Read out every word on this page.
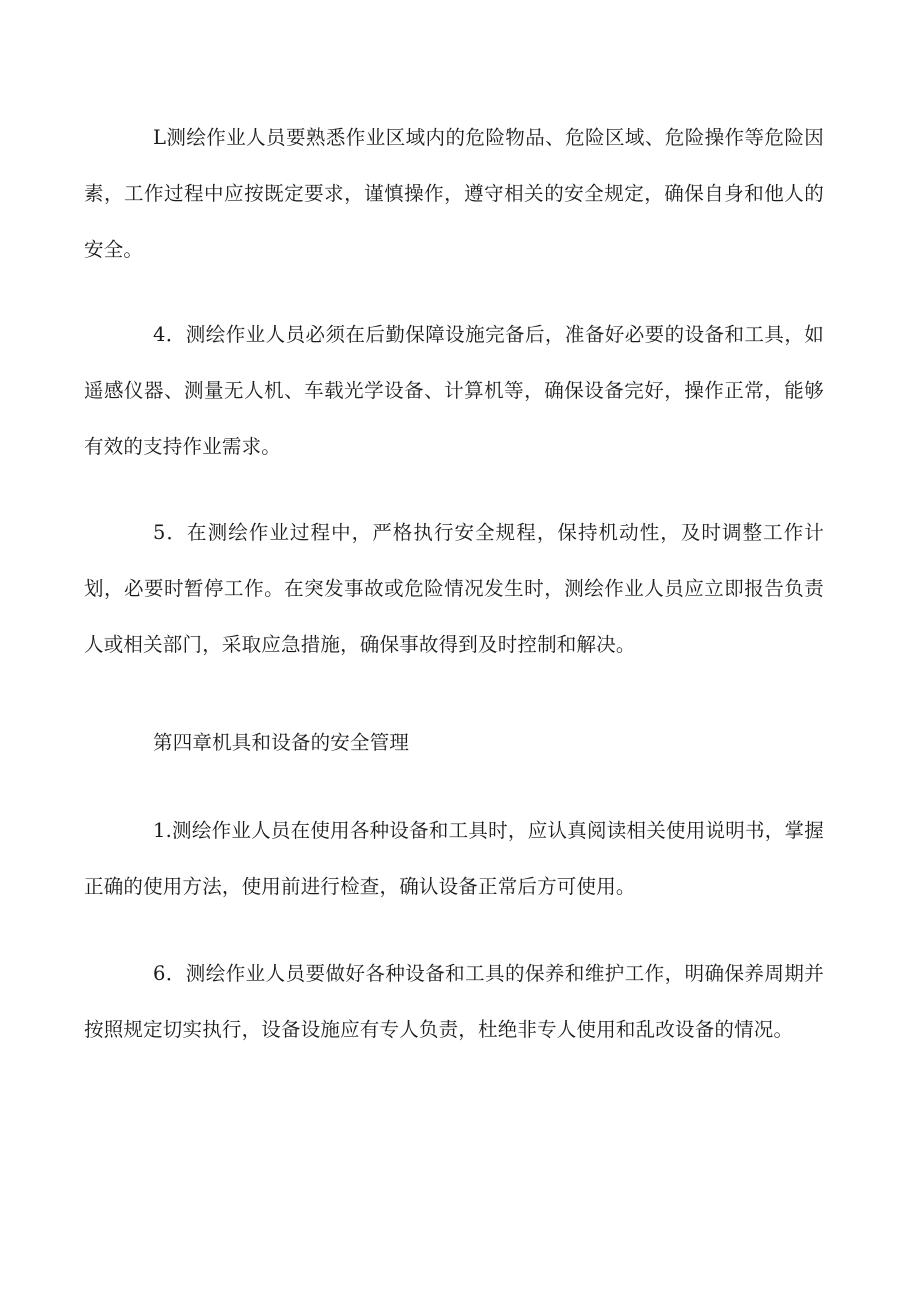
L测绘作业人员要熟悉作业区域内的危险物品、危险区域、危险操作等危险因素，工作过程中应按既定要求，谨慎操作，遵守相关的安全规定，确保自身和他人的安全。

4．测绘作业人员必须在后勤保障设施完备后，准备好必要的设备和工具，如遥感仪器、测量无人机、车载光学设备、计算机等，确保设备完好，操作正常，能够有效的支持作业需求。

5．在测绘作业过程中，严格执行安全规程，保持机动性，及时调整工作计划，必要时暂停工作。在突发事故或危险情况发生时，测绘作业人员应立即报告负责人或相关部门，采取应急措施，确保事故得到及时控制和解决。

第四章机具和设备的安全管理

1.测绘作业人员在使用各种设备和工具时，应认真阅读相关使用说明书，掌握正确的使用方法，使用前进行检查，确认设备正常后方可使用。

6．测绘作业人员要做好各种设备和工具的保养和维护工作，明确保养周期并按照规定切实执行，设备设施应有专人负责，杜绝非专人使用和乱改设备的情况。
